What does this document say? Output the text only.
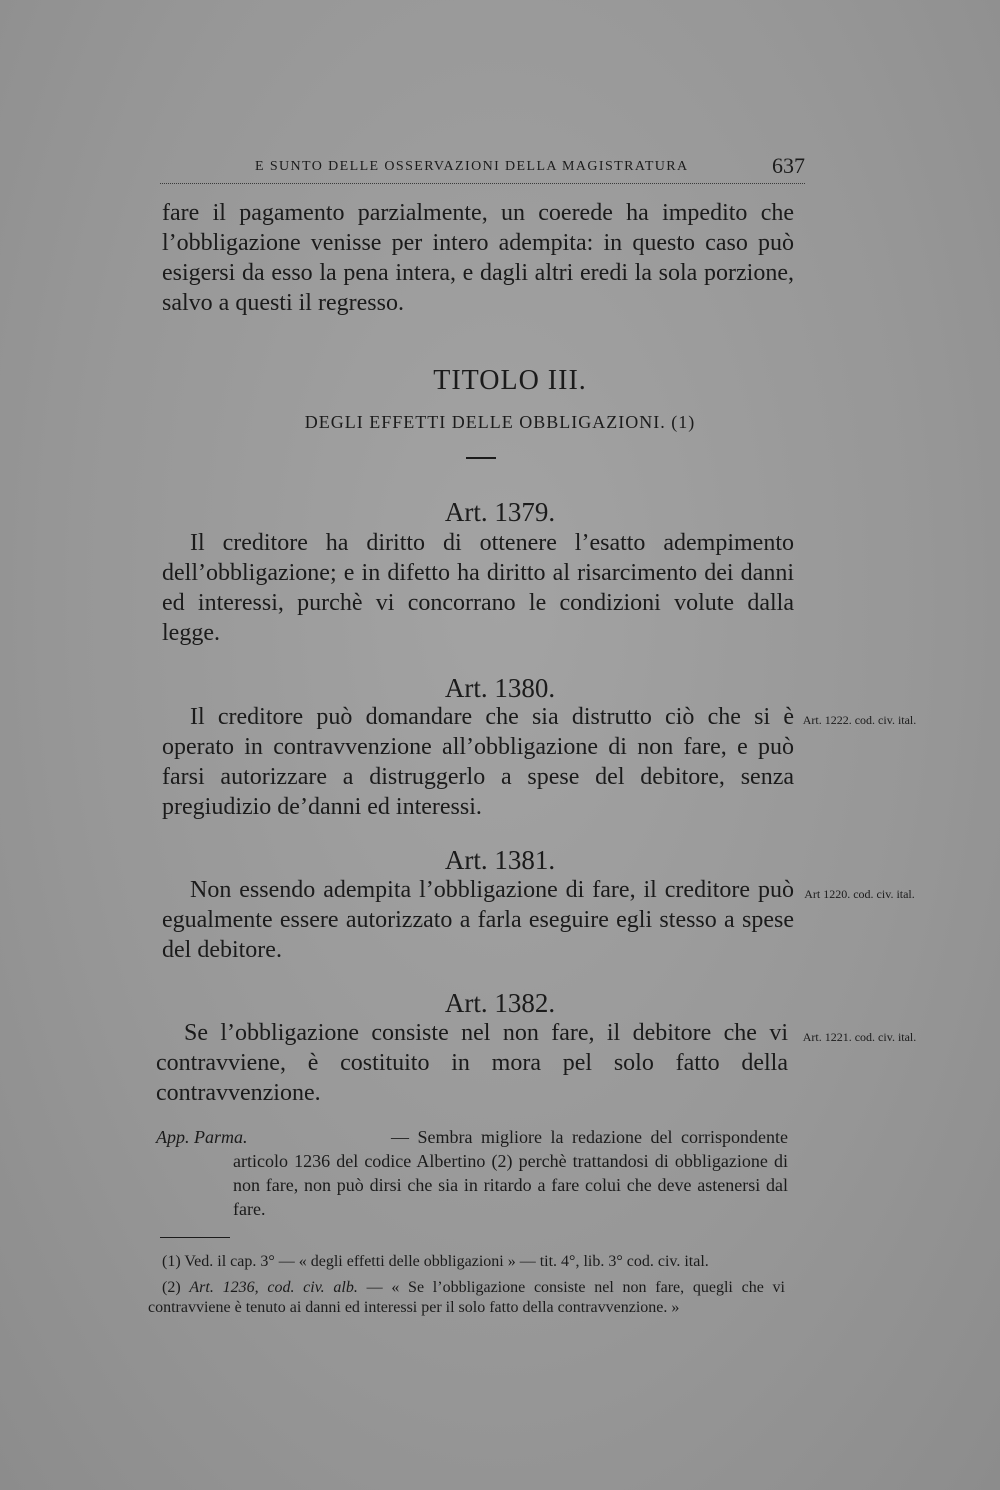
E SUNTO DELLE OSSERVAZIONI DELLA MAGISTRATURA	637
fare il pagamento parzialmente, un coerede ha impedito che l’obbligazione venisse per intero adempita: in questo caso può esigersi da esso la pena intera, e dagli altri eredi la sola porzione, salvo a questi il regresso.
TITOLO III.
DEGLI EFFETTI DELLE OBBLIGAZIONI. (1)
Art. 1379.
Il creditore ha diritto di ottenere l’esatto adempimento dell’obbligazione; e in difetto ha diritto al risarcimento dei danni ed interessi, purchè vi concorrano le condizioni volute dalla legge.
Art. 1380.
Il creditore può domandare che sia distrutto ciò che si è operato in contravvenzione all’obbligazione di non fare, e può farsi autorizzare a distruggerlo a spese del debitore, senza pregiudizio de’danni ed interessi.
Art. 1222. cod. civ. ital.
Art. 1381.
Non essendo adempita l’obbligazione di fare, il creditore può egualmente essere autorizzato a farla eseguire egli stesso a spese del debitore.
Art 1220. cod. civ. ital.
Art. 1382.
Se l’obbligazione consiste nel non fare, il debitore che vi contravviene, è costituito in mora pel solo fatto della contravvenzione.
Art. 1221. cod. civ. ital.
App. Parma.	— Sembra migliore la redazione del corrispondente articolo 1236 del codice Albertino (2) perchè trattandosi di obbligazione di non fare, non può dirsi che sia in ritardo a fare colui che deve astenersi dal fare.

(1) Ved. il cap. 3° — « degli effetti delle obbligazioni » — tit. 4°, lib. 3° cod. civ. ital.

(2) Art. 1236, cod. civ. alb. — « Se l’obbligazione consiste nel non fare, quegli che vi contravviene è tenuto ai danni ed interessi per il solo fatto della contravvenzione. »
